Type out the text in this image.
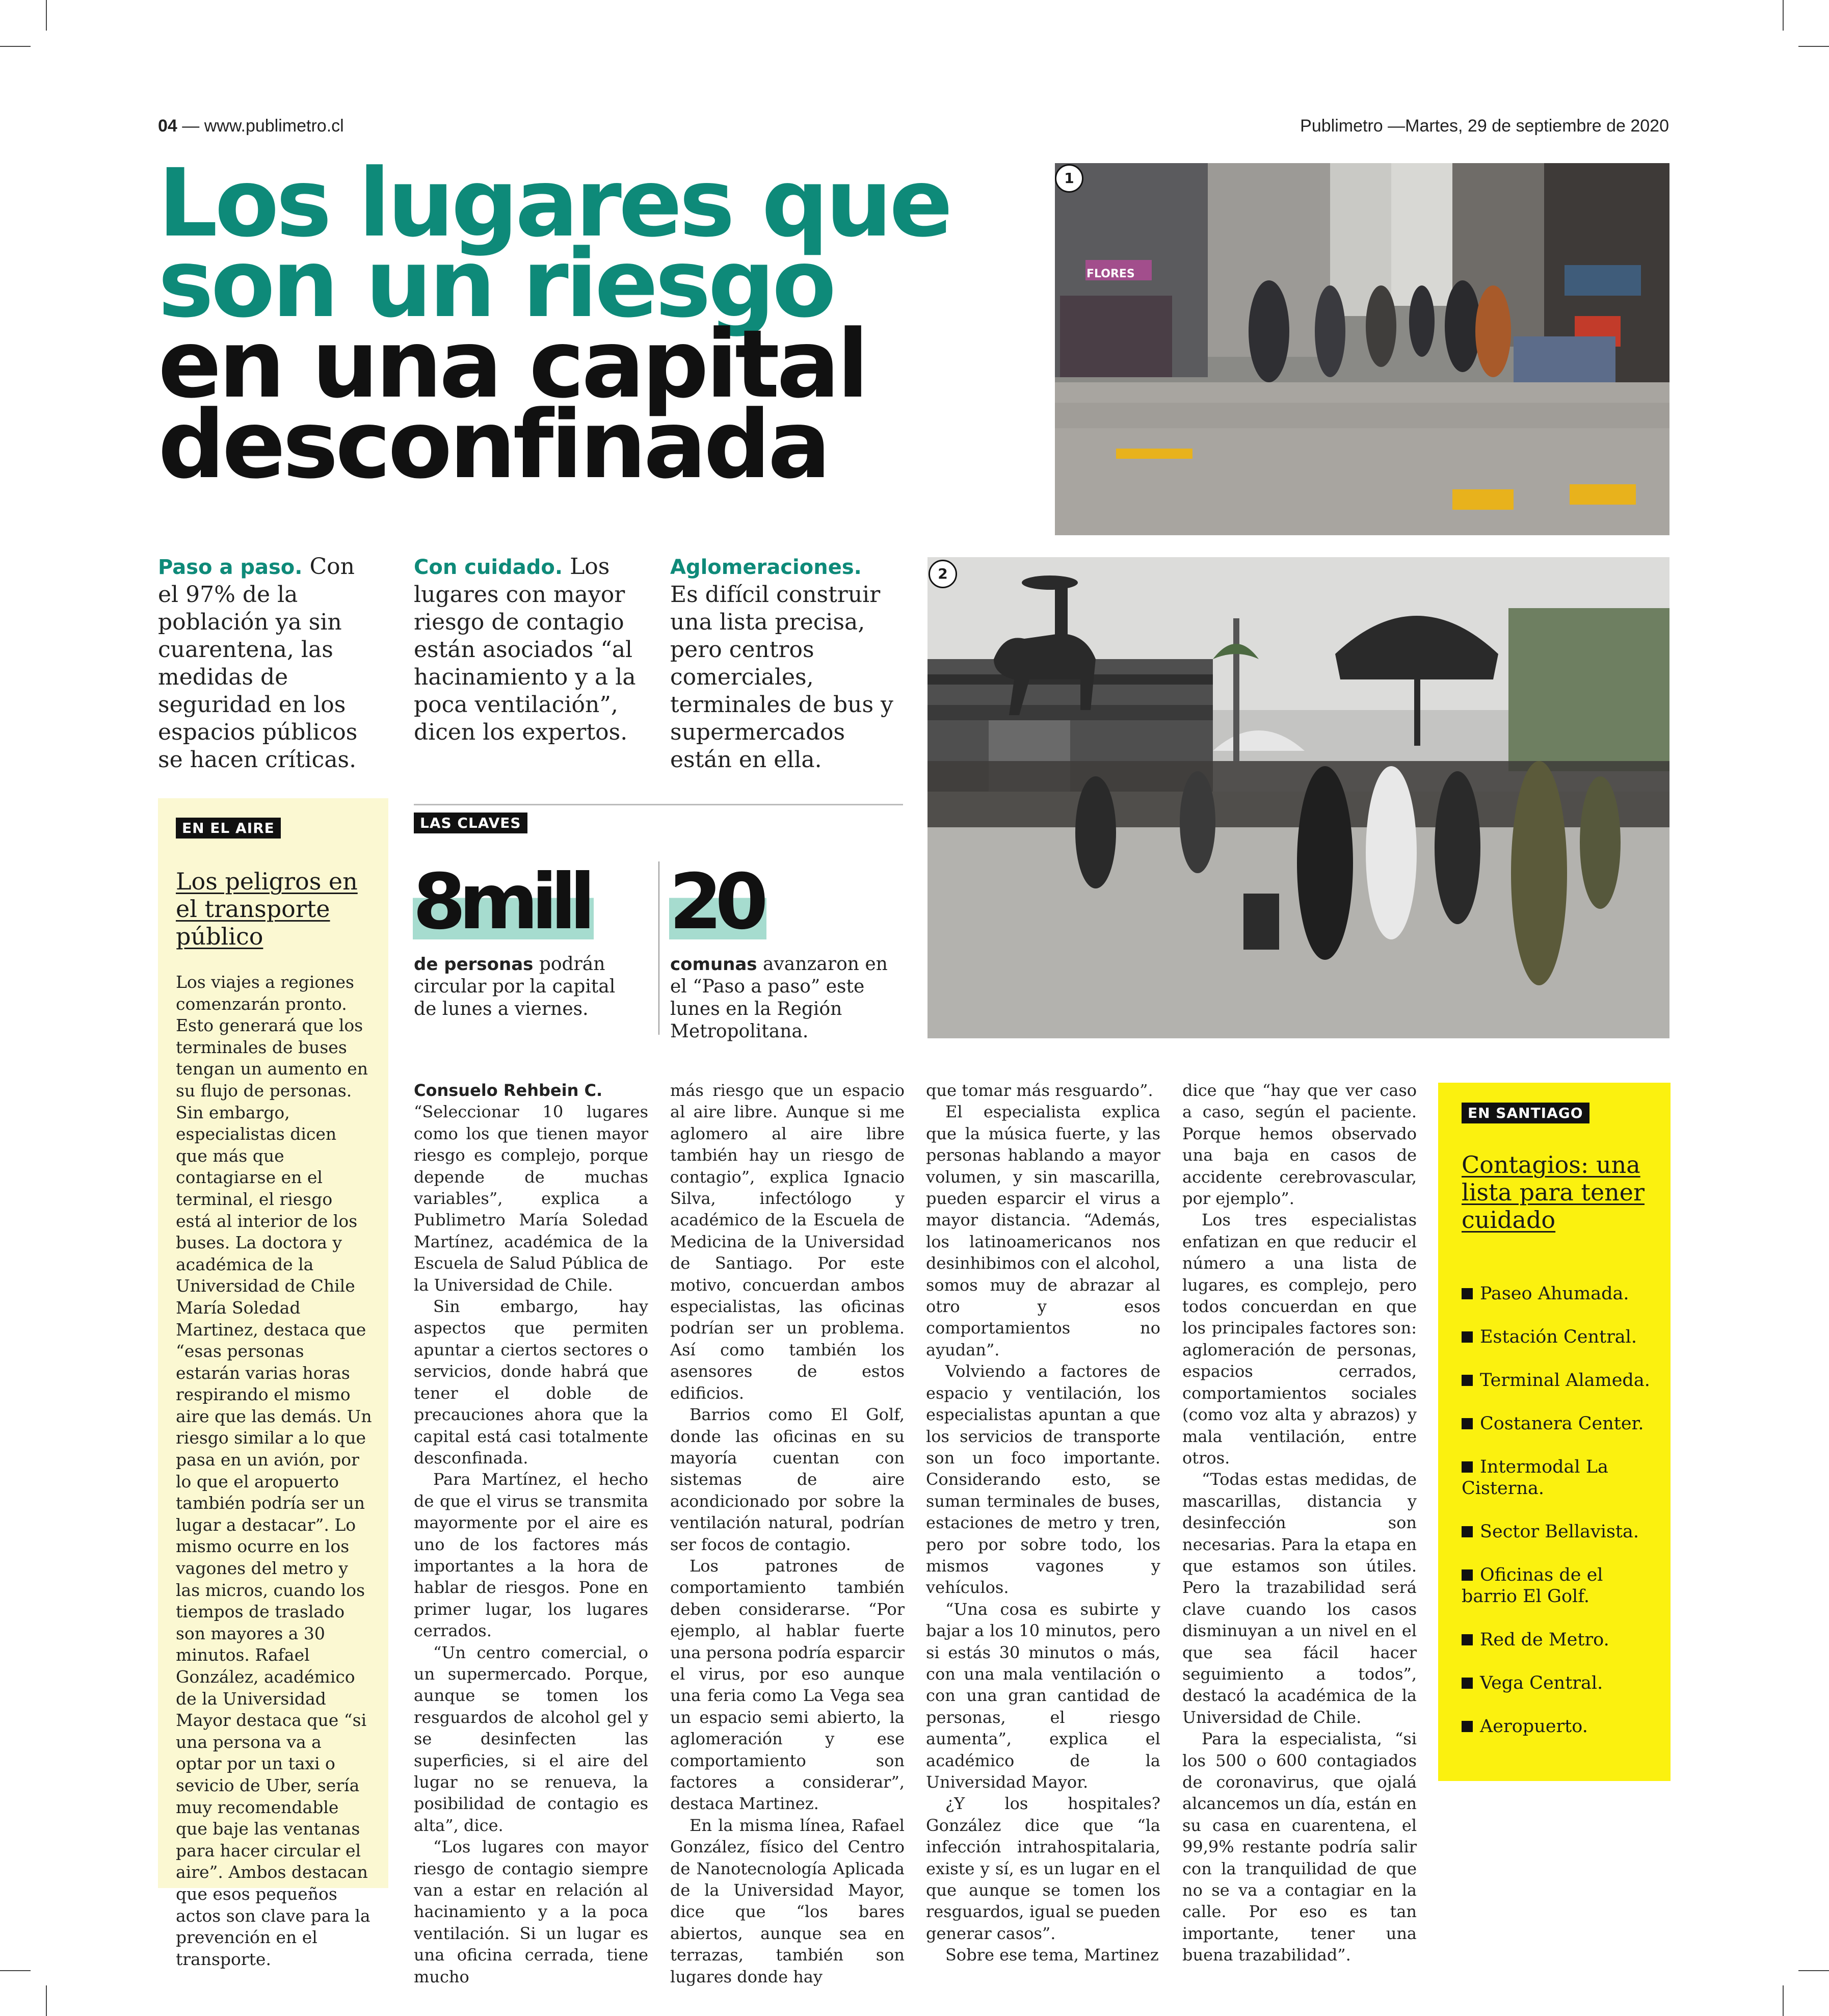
04 — www.publimetro.cl	Publimetro —Martes, 29 de septiembre de 2020
Los lugares que
son un riesgo
en una capital
desconfinada
Paso a paso. Con el 97% de la población ya sin cuarentena, las medidas de seguridad en los espacios públicos se hacen críticas.
Con cuidado. Los lugares con mayor riesgo de contagio están asociados “al hacinamiento y a la poca ventilación”, dicen los expertos.
Aglomeraciones. Es difícil construir una lista precisa, pero centros comerciales, terminales de bus y supermercados están en ella.
FLORES
1
2
EN EL AIRE
Los peligros en el transporte público
Los viajes a regiones comenzarán pronto. Esto generará que los terminales de buses tengan un aumento en su flujo de personas. Sin embargo, especialistas dicen que más que contagiarse en el terminal, el riesgo está al interior de los buses. La doctora y académica de la Universidad de Chile María Soledad Martinez, destaca que “esas personas estarán varias horas respirando el mismo aire que las demás. Un riesgo similar a lo que pasa en un avión, por lo que el aropuerto también podría ser un lugar a destacar”. Lo mismo ocurre en los vagones del metro y las micros, cuando los tiempos de traslado son mayores a 30 minutos. Rafael González, académico de la Universidad Mayor destaca que “si una persona va a optar por un taxi o sevicio de Uber, sería muy recomendable que baje las ventanas para hacer circular el aire”. Ambos destacan que esos pequeños actos son clave para la prevención en el transporte.
LAS CLAVES
8mill
de personas podrán circular por la capital de lunes a viernes.
20
comunas avanzaron en el “Paso a paso” este lunes en la Región Metropolitana.

Consuelo Rehbein C.

“Seleccionar 10 lugares como los que tienen mayor riesgo es complejo, porque depende de muchas variables”, explica a Publimetro María Soledad Martínez, académica de la Escuela de Salud Pública de la Universidad de Chile.

Sin embargo, hay aspectos que permiten apuntar a ciertos sectores o servicios, donde habrá que tener el doble de precauciones ahora que la capital está casi totalmente desconfinada.

Para Martínez, el hecho de que el virus se transmita mayormente por el aire es uno de los factores más importantes a la hora de hablar de riesgos. Pone en primer lugar, los lugares cerrados.

“Un centro comercial, o un supermercado. Porque, aunque se tomen los resguardos de alcohol gel y se desinfecten las superficies, si el aire del lugar no se renueva, la posibilidad de contagio es alta”, dice.

“Los lugares con mayor riesgo de contagio siempre van a estar en relación al hacinamiento y a la poca ventilación. Si un lugar es una oficina cerrada, tiene mucho

más riesgo que un espacio al aire libre. Aunque si me aglomero al aire libre también hay un riesgo de contagio”, explica Ignacio Silva, infectólogo y académico de la Escuela de Medicina de la Universidad de Santiago. Por este motivo, concuerdan ambos especialistas, las oficinas podrían ser un problema. Así como también los asensores de estos edificios.

Barrios como El Golf, donde las oficinas en su mayoría cuentan con sistemas de aire acondicionado por sobre la ventilación natural, podrían ser focos de contagio.

Los patrones de comportamiento también deben considerarse. “Por ejemplo, al hablar fuerte una persona podría esparcir el virus, por eso aunque una feria como La Vega sea un espacio semi abierto, la aglomeración y ese comportamiento son factores a considerar”, destaca Martinez.

En la misma línea, Rafael González, físico del Centro de Nanotecnología Aplicada de la Universidad Mayor, dice que “los bares abiertos, aunque sea en terrazas, también son lugares donde hay

que tomar más resguardo”.

El especialista explica que la música fuerte, y las personas hablando a mayor volumen, y sin mascarilla, pueden esparcir el virus a mayor distancia. “Además, los latinoamericanos nos desinhibimos con el alcohol, somos muy de abrazar al otro y esos comportamientos no ayudan”.

Volviendo a factores de espacio y ventilación, los especialistas apuntan a que los servicios de transporte son un foco importante. Considerando esto, se suman terminales de buses, estaciones de metro y tren, pero por sobre todo, los mismos vagones y vehículos.

“Una cosa es subirte y bajar a los 10 minutos, pero si estás 30 minutos o más, con una mala ventilación o con una gran cantidad de personas, el riesgo aumenta”, explica el académico de la Universidad Mayor.

¿Y los hospitales? González dice que “la infección intrahospitalaria, existe y sí, es un lugar en el que aunque se tomen los resguardos, igual se pueden generar casos”.

Sobre ese tema, Martinez

dice que “hay que ver caso a caso, según el paciente. Porque hemos observado una baja en casos de accidente cerebrovascular, por ejemplo”.

Los tres especialistas enfatizan en que reducir el número a una lista de lugares, es complejo, pero todos concuerdan en que los principales factores son: aglomeración de personas, espacios cerrados, comportamientos sociales (como voz alta y abrazos) y mala ventilación, entre otros.

“Todas estas medidas, de mascarillas, distancia y desinfección son necesarias. Para la etapa en que estamos son útiles. Pero la trazabilidad será clave cuando los casos disminuyan a un nivel en el que sea fácil hacer seguimiento a todos”, destacó la académica de la Universidad de Chile.

Para la especialista, “si los 500 o 600 contagiados de coronavirus, que ojalá alcancemos un día, están en su casa en cuarentena, el 99,9% restante podría salir con la tranquilidad de que no se va a contagiar en la calle. Por eso es tan importante, tener una buena trazabilidad”.

EN SANTIAGO
Contagios: una lista para tener cuidado
Paseo Ahumada.
Estación Central.
Terminal Alameda.
Costanera Center.
Intermodal La Cisterna.
Sector Bellavista.
Oficinas de el barrio El Golf.
Red de Metro.
Vega Central.
Aeropuerto.
